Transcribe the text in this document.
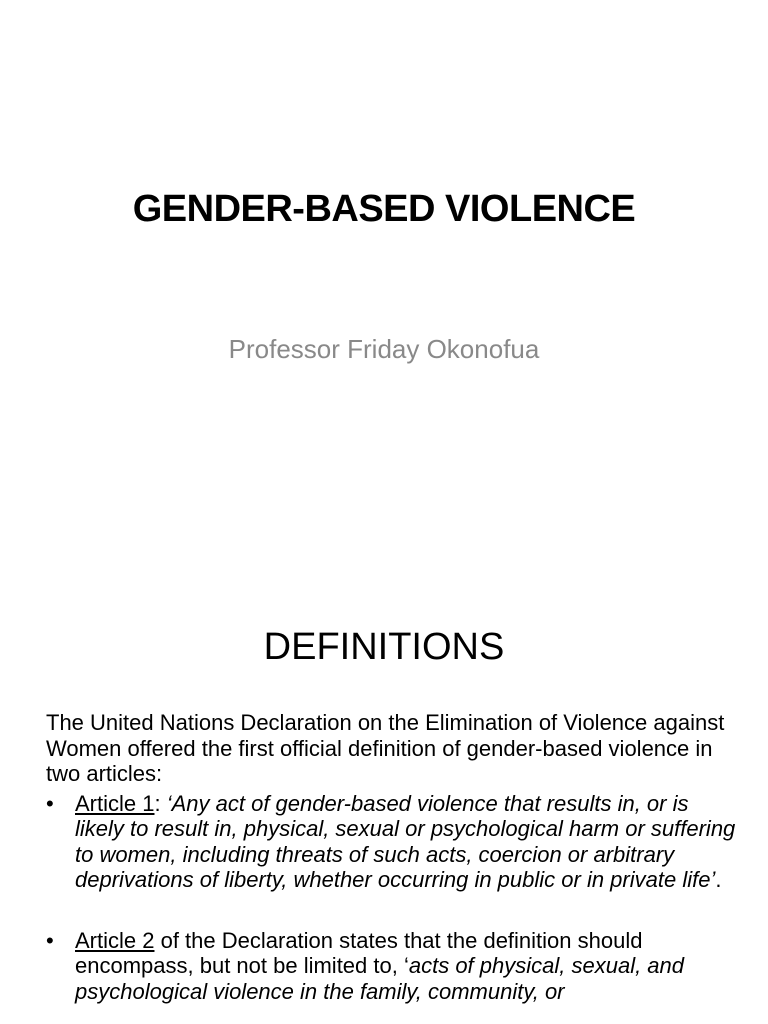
GENDER-BASED VIOLENCE
Professor Friday Okonofua
DEFINITIONS

The United Nations Declaration on the Elimination of Violence against Women offered the first official definition of gender-based violence in two articles:

• Article 1: ‘Any act of gender-based violence that results in, or is likely to result in, physical, sexual or psychological harm or suffering to women, including threats of such acts, coercion or arbitrary deprivations of liberty, whether occurring in public or in private life’.

• Article 2 of the Declaration states that the definition should encompass, but not be limited to, ‘acts of physical, sexual, and psychological violence in the family, community, or
